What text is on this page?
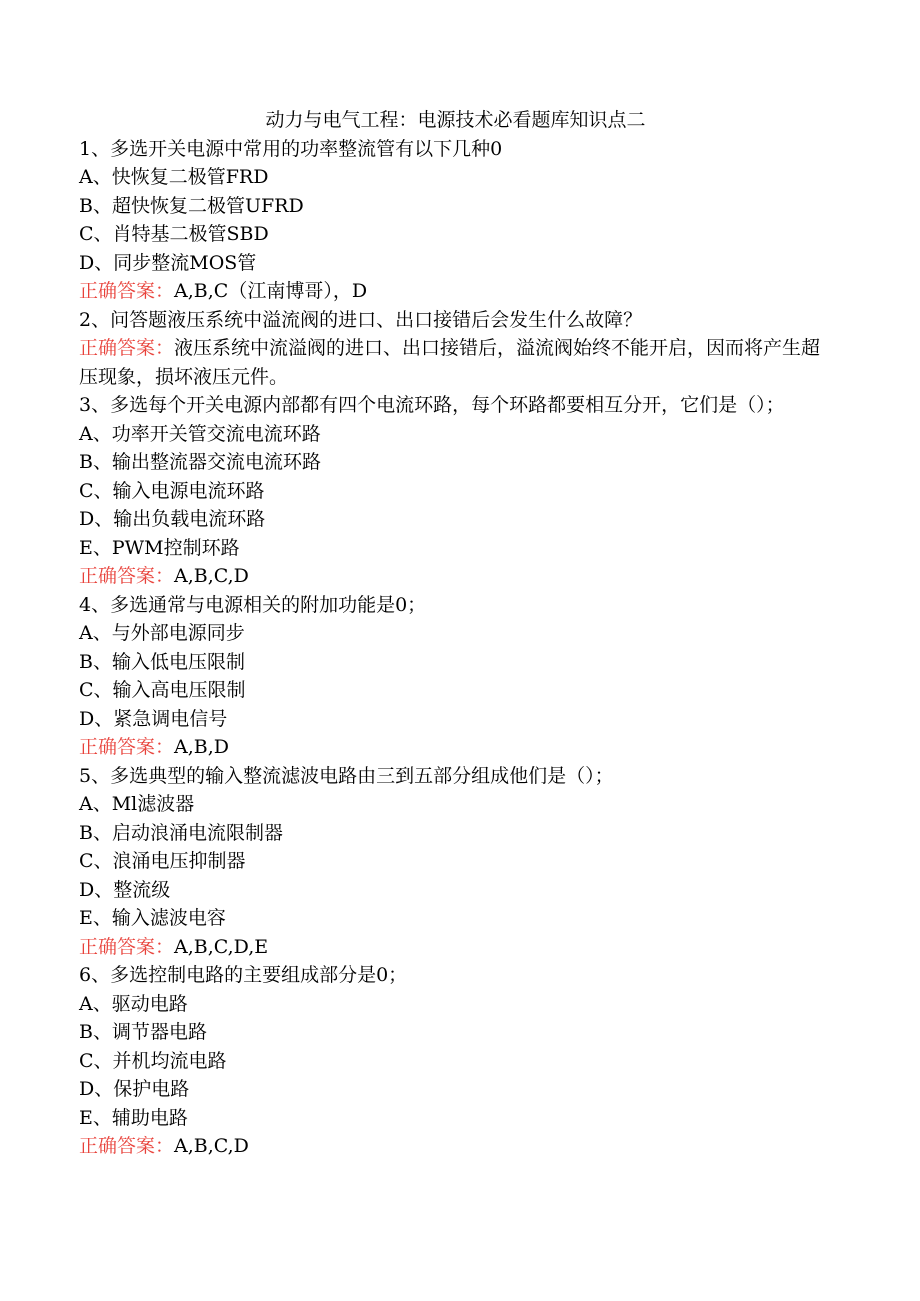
动力与电气工程：电源技术必看题库知识点二
1、多选开关电源中常用的功率整流管有以下几种0
A、快恢复二极管FRD
B、超快恢复二极管UFRD
C、肖特基二极管SBD
D、同步整流MOS管
正确答案：A,B,C（江南博哥），D
2、问答题液压系统中溢流阀的进口、出口接错后会发生什么故障？
正确答案：液压系统中流溢阀的进口、出口接错后，溢流阀始终不能开启，因而将产生超压现象，损坏液压元件。
3、多选每个开关电源内部都有四个电流环路，每个环路都要相互分开，它们是（）；
A、功率开关管交流电流环路
B、输出整流器交流电流环路
C、输入电源电流环路
D、输出负载电流环路
E、PWM控制环路
正确答案：A,B,C,D
4、多选通常与电源相关的附加功能是0；
A、与外部电源同步
B、输入低电压限制
C、输入高电压限制
D、紧急调电信号
正确答案：A,B,D
5、多选典型的输入整流滤波电路由三到五部分组成他们是（）；
A、Ml滤波器
B、启动浪涌电流限制器
C、浪涌电压抑制器
D、整流级
E、输入滤波电容
正确答案：A,B,C,D,E
6、多选控制电路的主要组成部分是0；
A、驱动电路
B、调节器电路
C、并机均流电路
D、保护电路
E、辅助电路
正确答案：A,B,C,D
